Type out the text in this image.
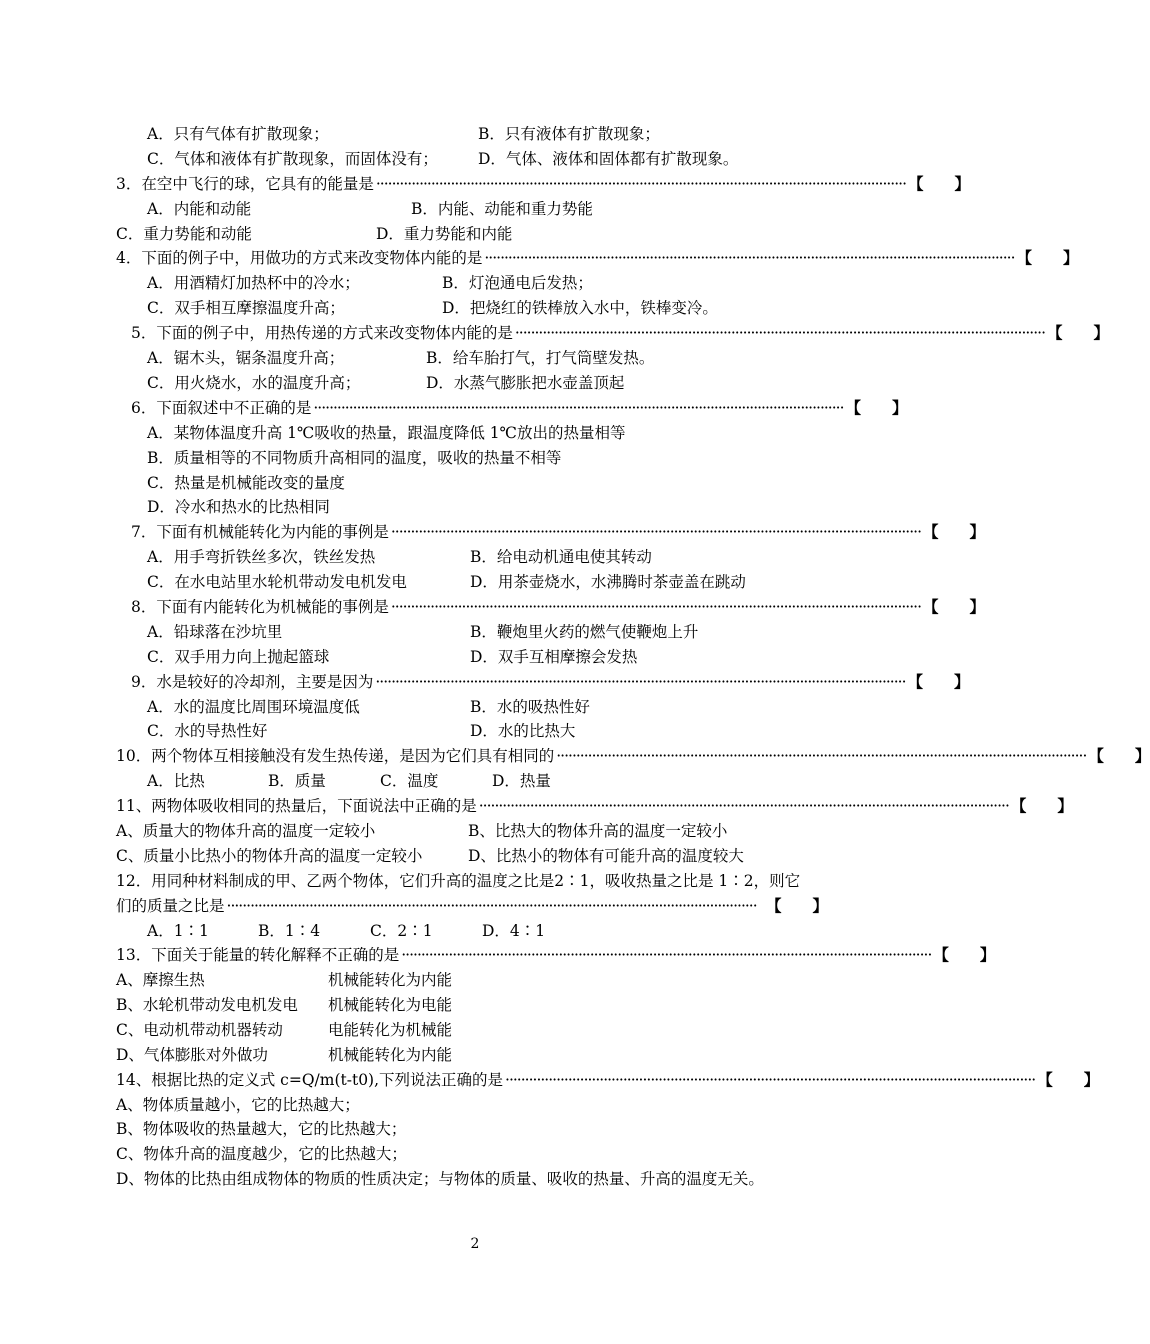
A．只有气体有扩散现象；	B．只有液体有扩散现象；
C．气体和液体有扩散现象，而固体没有；	D．气体、液体和固体都有扩散现象。
3．在空中飞行的球，它具有的能量是 ······································································································································· 【　　】
A．内能和动能	B．内能、动能和重力势能
C．重力势能和动能	D．重力势能和内能
4．下面的例子中，用做功的方式来改变物体内能的是 ······································································································································· 【　　】
A．用酒精灯加热杯中的冷水；	B．灯泡通电后发热；
C．双手相互摩擦温度升高；	D．把烧红的铁棒放入水中，铁棒变冷。
5．下面的例子中，用热传递的方式来改变物体内能的是 ······································································································································· 【　　】
A．锯木头，锯条温度升高；	B．给车胎打气，打气筒壁发热。
C．用火烧水，水的温度升高；	D．水蒸气膨胀把水壶盖顶起
6．下面叙述中不正确的是 ······································································································································· 【　　】
A．某物体温度升高 1℃吸收的热量，跟温度降低 1℃放出的热量相等
B．质量相等的不同物质升高相同的温度，吸收的热量不相等
C．热量是机械能改变的量度
D．冷水和热水的比热相同
7．下面有机械能转化为内能的事例是 ······································································································································· 【　　】
A．用手弯折铁丝多次，铁丝发热	B．给电动机通电使其转动
C．在水电站里水轮机带动发电机发电	D．用茶壶烧水，水沸腾时茶壶盖在跳动
8．下面有内能转化为机械能的事例是 ······································································································································· 【　　】
A．铅球落在沙坑里	B．鞭炮里火药的燃气使鞭炮上升
C．双手用力向上抛起篮球	D．双手互相摩擦会发热
9．水是较好的冷却剂，主要是因为 ······································································································································· 【　　】
A．水的温度比周围环境温度低	B．水的吸热性好
C．水的导热性好	D．水的比热大
10．两个物体互相接触没有发生热传递，是因为它们具有相同的 ······································································································································· 【　　】
A．比热	B．质量	C．温度	D．热量
11、两物体吸收相同的热量后，下面说法中正确的是 ······································································································································· 【　　】
A、质量大的物体升高的温度一定较小	B、比热大的物体升高的温度一定较小
C、质量小比热小的物体升高的温度一定较小	D、比热小的物体有可能升高的温度较大
12．用同种材料制成的甲、乙两个物体，它们升高的温度之比是2∶1，吸收热量之比是 1∶2，则它
们的质量之比是 ······································································································································· 【　　】
A．1∶1	B．1∶4	C．2∶1	D．4∶1
13．下面关于能量的转化解释不正确的是 ······································································································································· 【　　】
A、摩擦生热	机械能转化为内能
B、水轮机带动发电机发电 机械能转化为电能
C、电动机带动机器转动	电能转化为机械能
D、气体膨胀对外做功	机械能转化为内能
14、根据比热的定义式 c=Q/m(t-t0),下列说法正确的是 ······································································································································· 【　　】
A、物体质量越小，它的比热越大；
B、物体吸收的热量越大，它的比热越大；
C、物体升高的温度越少，它的比热越大；
D、物体的比热由组成物体的物质的性质决定；与物体的质量、吸收的热量、升高的温度无关。
2
